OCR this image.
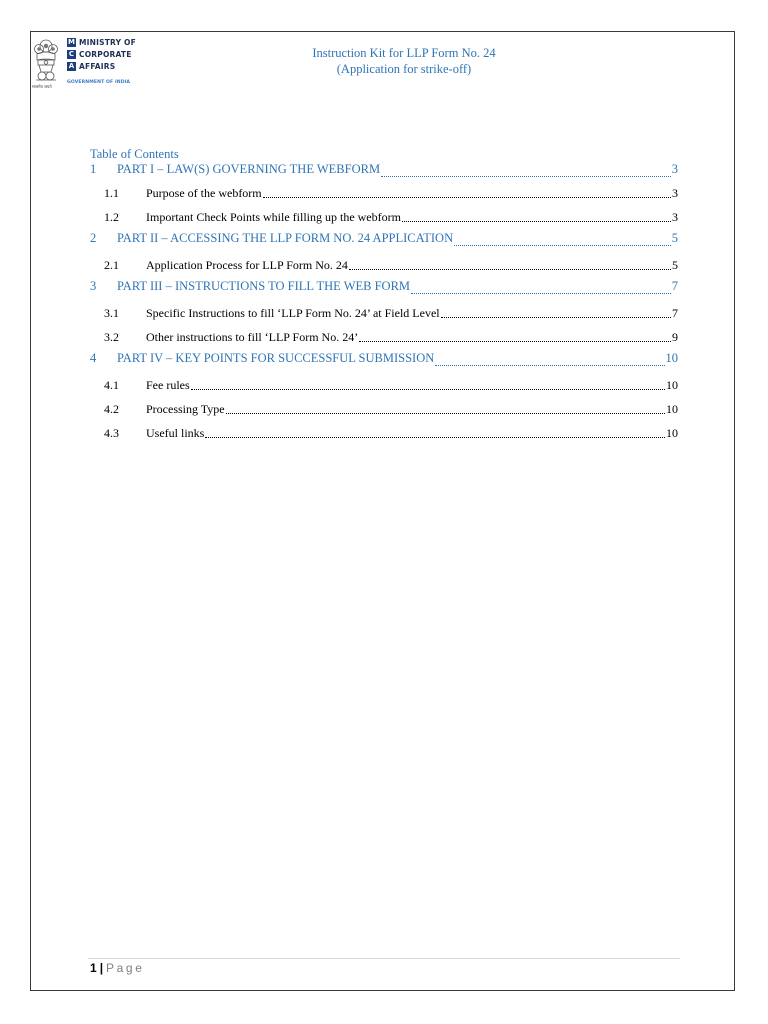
सत्यमेव जयते
M MINISTRY OF
C CORPORATE
A AFFAIRS
GOVERNMENT OF INDIA
Instruction Kit for LLP Form No. 24
(Application for strike-off)
Table of Contents
1	PART I – LAW(S) GOVERNING THE WEBFORM	3
1.1	Purpose of the webform	3
1.2	Important Check Points while filling up the webform	3
2	PART II – ACCESSING THE LLP FORM NO. 24 APPLICATION	5
2.1	Application Process for LLP Form No. 24	5
3	PART III – INSTRUCTIONS TO FILL THE WEB FORM	7
3.1	Specific Instructions to fill ‘LLP Form No. 24’ at Field Level	7
3.2	Other instructions to fill ‘LLP Form No. 24’	9
4	PART IV – KEY POINTS FOR SUCCESSFUL SUBMISSION	10
4.1	Fee rules	10
4.2	Processing Type	10
4.3	Useful links	10
1 | Page
